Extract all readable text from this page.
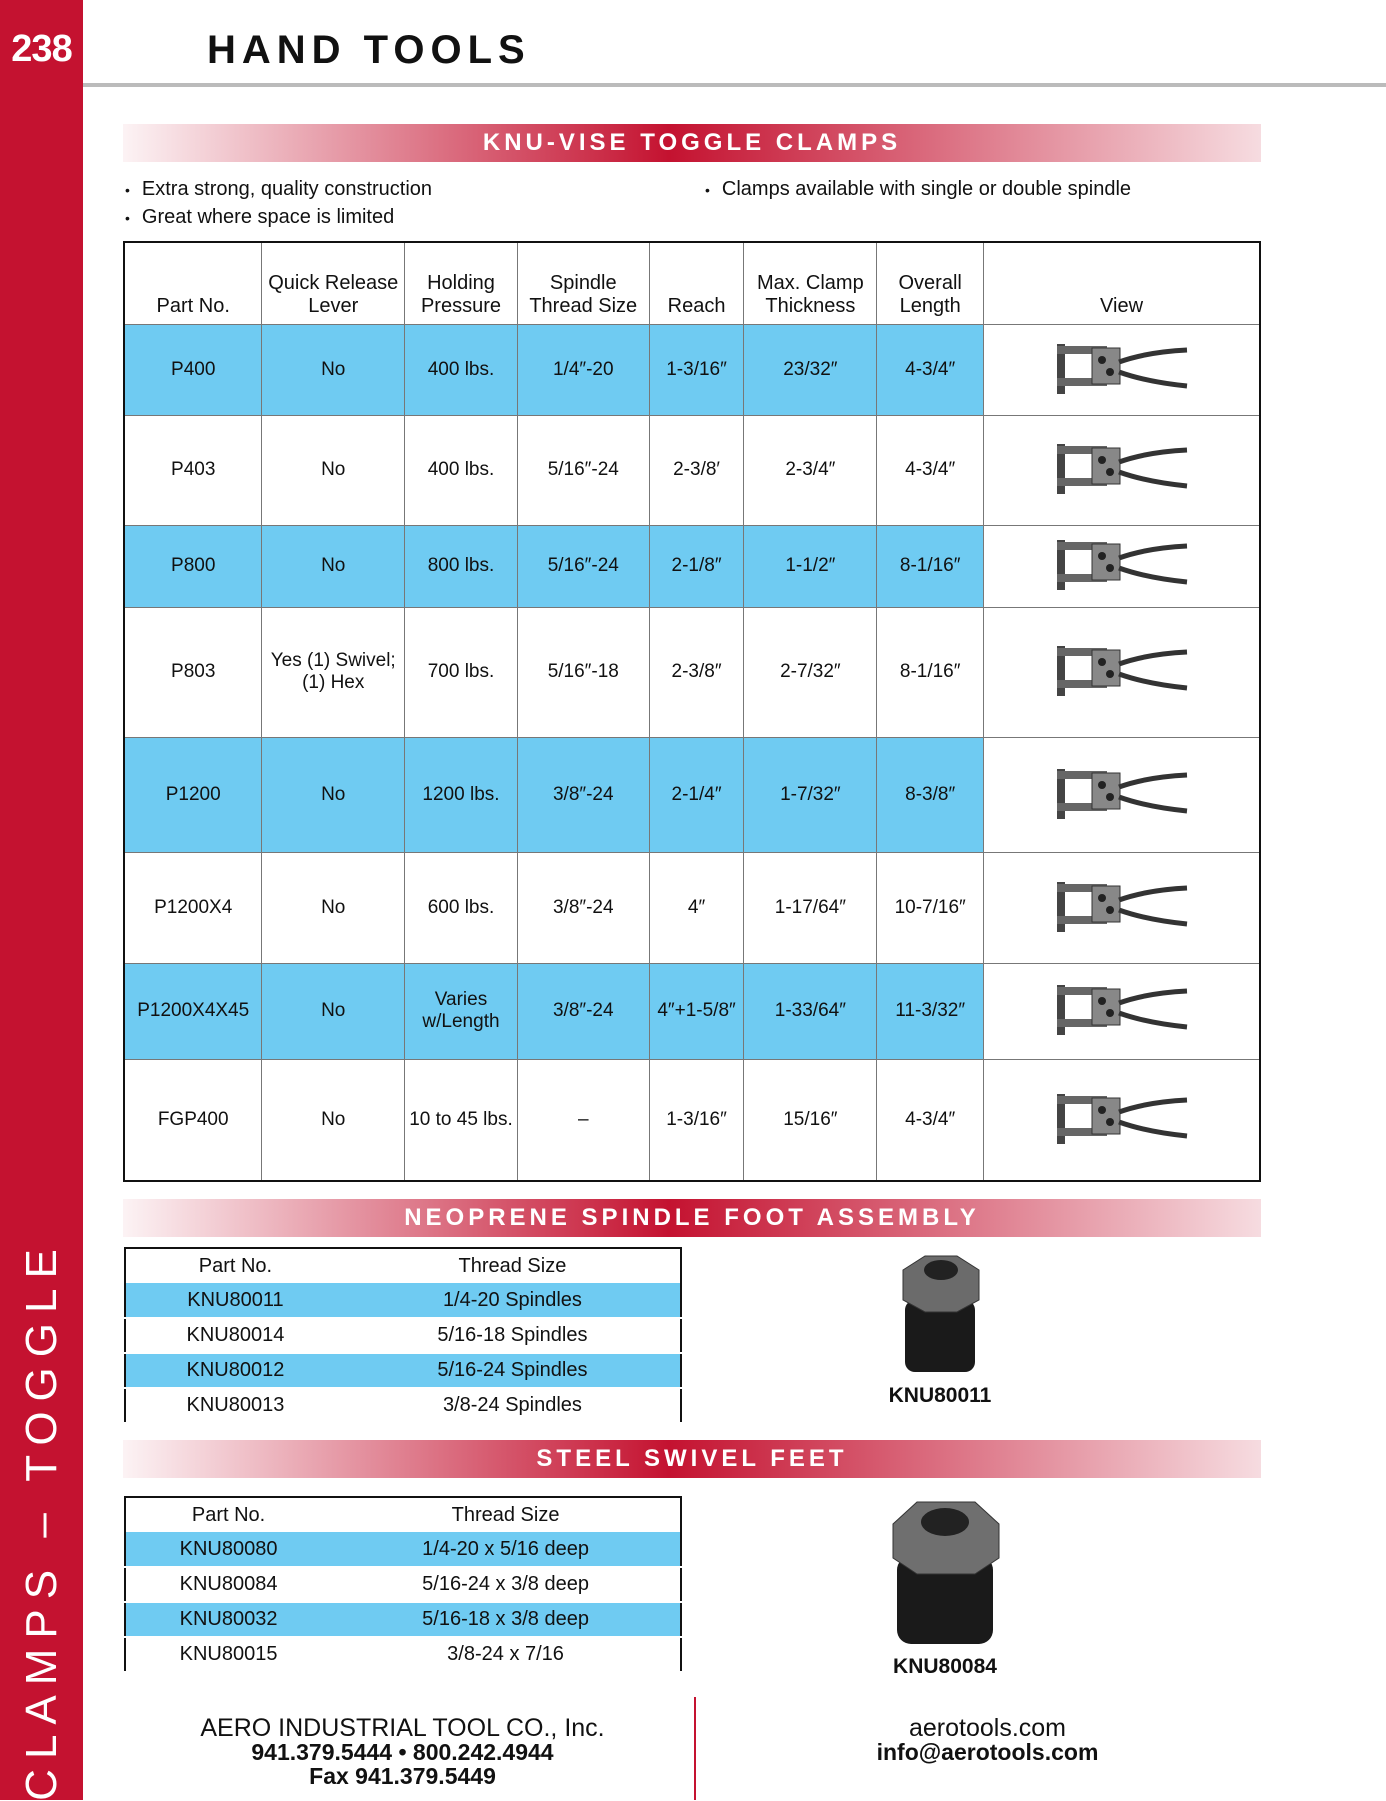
238
CLAMPS – TOGGLE
HAND TOOLS
KNU-VISE TOGGLE CLAMPS
• Extra strong, quality construction
• Great where space is limited
• Clamps available with single or double spindle
Part No.	Quick Release Lever	Holding Pressure	Spindle Thread Size	Reach	Max. Clamp Thickness	Overall Length	View
P400	No	400 lbs.	1/4″-20	1-3/16″	23/32″	4-3/4″	
P403	No	400 lbs.	5/16″-24	2-3/8′	2-3/4″	4-3/4″	
P800	No	800 lbs.	5/16″-24	2-1/8″	1-1/2″	8-1/16″	
P803	Yes (1) Swivel; (1) Hex	700 lbs.	5/16″-18	2-3/8″	2-7/32″	8-1/16″	
P1200	No	1200 lbs.	3/8″-24	2-1/4″	1-7/32″	8-3/8″	
P1200X4	No	600 lbs.	3/8″-24	4″	1-17/64″	10-7/16″	
P1200X4X45	No	Varies w/Length	3/8″-24	4″+1-5/8″	1-33/64″	11-3/32″	
FGP400	No	10 to 45 lbs.	–	1-3/16″	15/16″	4-3/4″	
NEOPRENE SPINDLE FOOT ASSEMBLY
Part No.	Thread Size
KNU80011	1/4-20 Spindles
KNU80014	5/16-18 Spindles
KNU80012	5/16-24 Spindles
KNU80013	3/8-24 Spindles	KNU80011
STEEL SWIVEL FEET
Part No.	Thread Size
KNU80080	1/4-20 x 5/16 deep
KNU80084	5/16-24 x 3/8 deep
KNU80032	5/16-18 x 3/8 deep
KNU80015	3/8-24 x 7/16
KNU80084
AERO INDUSTRIAL TOOL CO., Inc.
941.379.5444 • 800.242.4944
Fax 941.379.5449
aerotools.com
info@aerotools.com
